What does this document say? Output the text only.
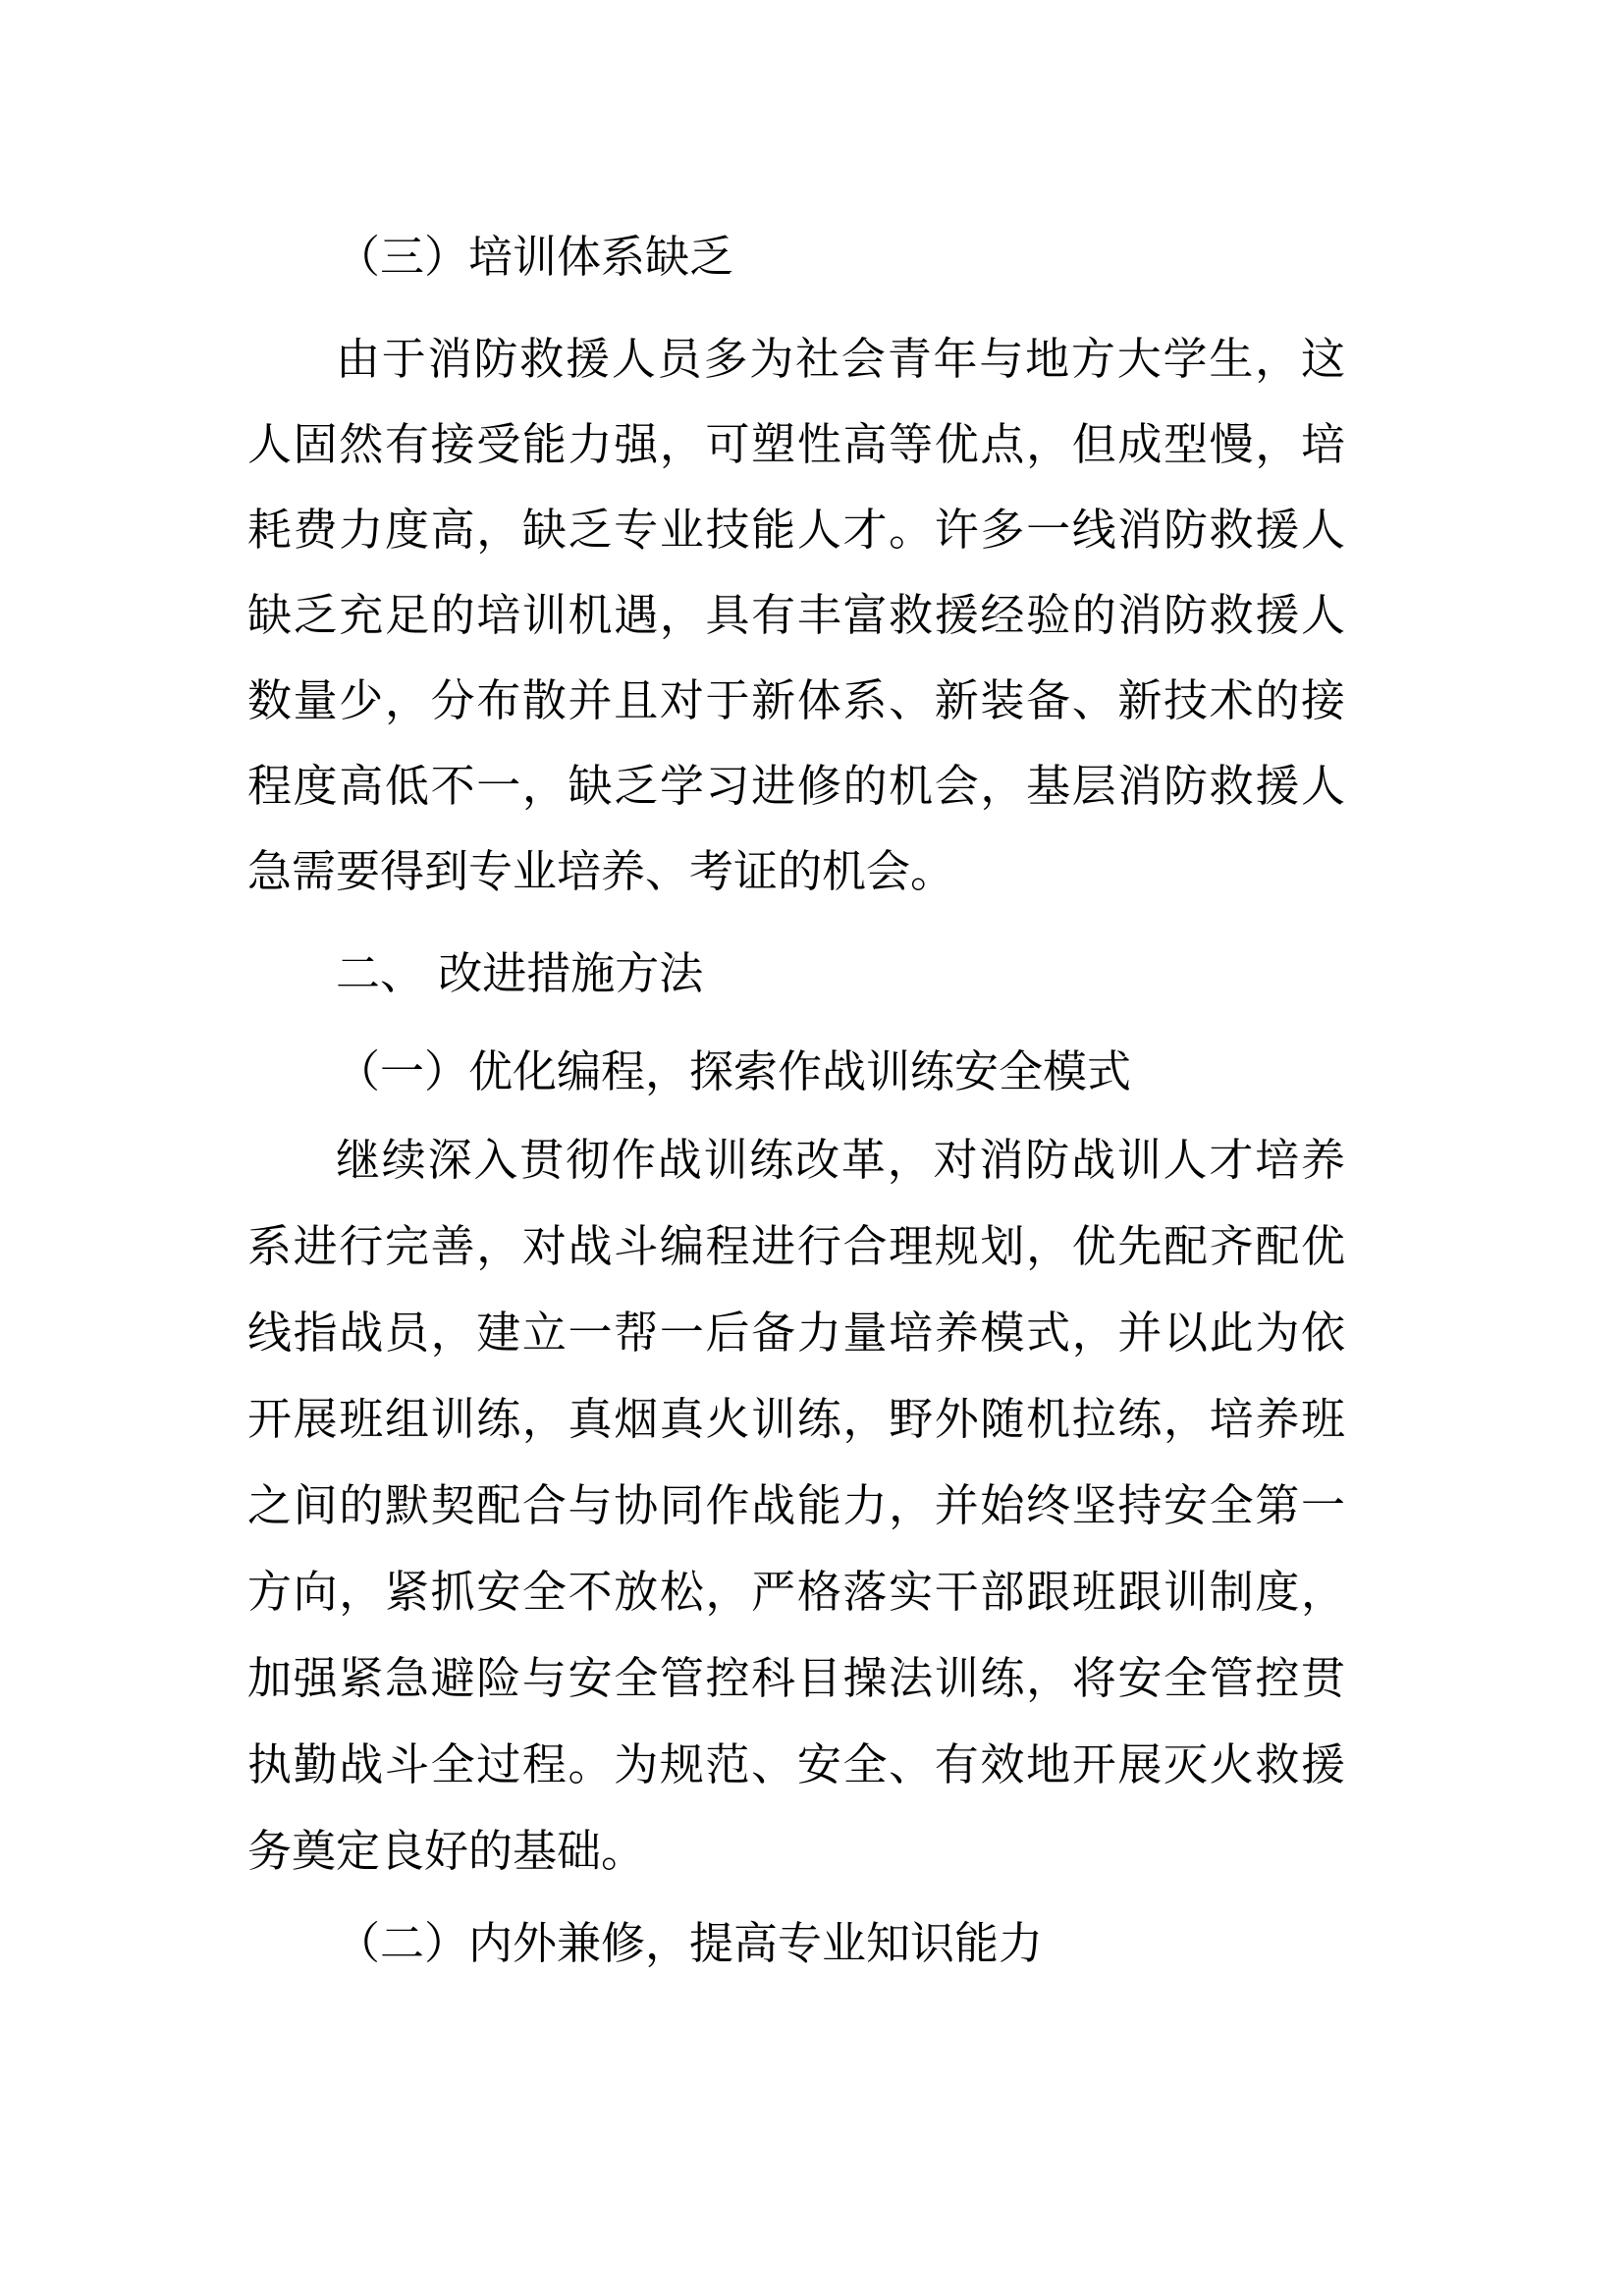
（三）培训体系缺乏
由于消防救援人员多为社会青年与地方大学生，这
人固然有接受能力强，可塑性高等优点，但成型慢，培
耗费力度高，缺乏专业技能人才。许多一线消防救援人
缺乏充足的培训机遇，具有丰富救援经验的消防救援人
数量少，分布散并且对于新体系、新装备、新技术的接
程度高低不一，缺乏学习进修的机会，基层消防救援人
急需要得到专业培养、考证的机会。
二、 改进措施方法
（一）优化编程，探索作战训练安全模式
继续深入贯彻作战训练改革，对消防战训人才培养
系进行完善，对战斗编程进行合理规划，优先配齐配优
线指战员，建立一帮一后备力量培养模式，并以此为依
开展班组训练，真烟真火训练，野外随机拉练，培养班
之间的默契配合与协同作战能力，并始终坚持安全第一
方向，紧抓安全不放松，严格落实干部跟班跟训制度，
加强紧急避险与安全管控科目操法训练，将安全管控贯
执勤战斗全过程。为规范、安全、有效地开展灭火救援
务奠定良好的基础。
（二）内外兼修，提高专业知识能力
